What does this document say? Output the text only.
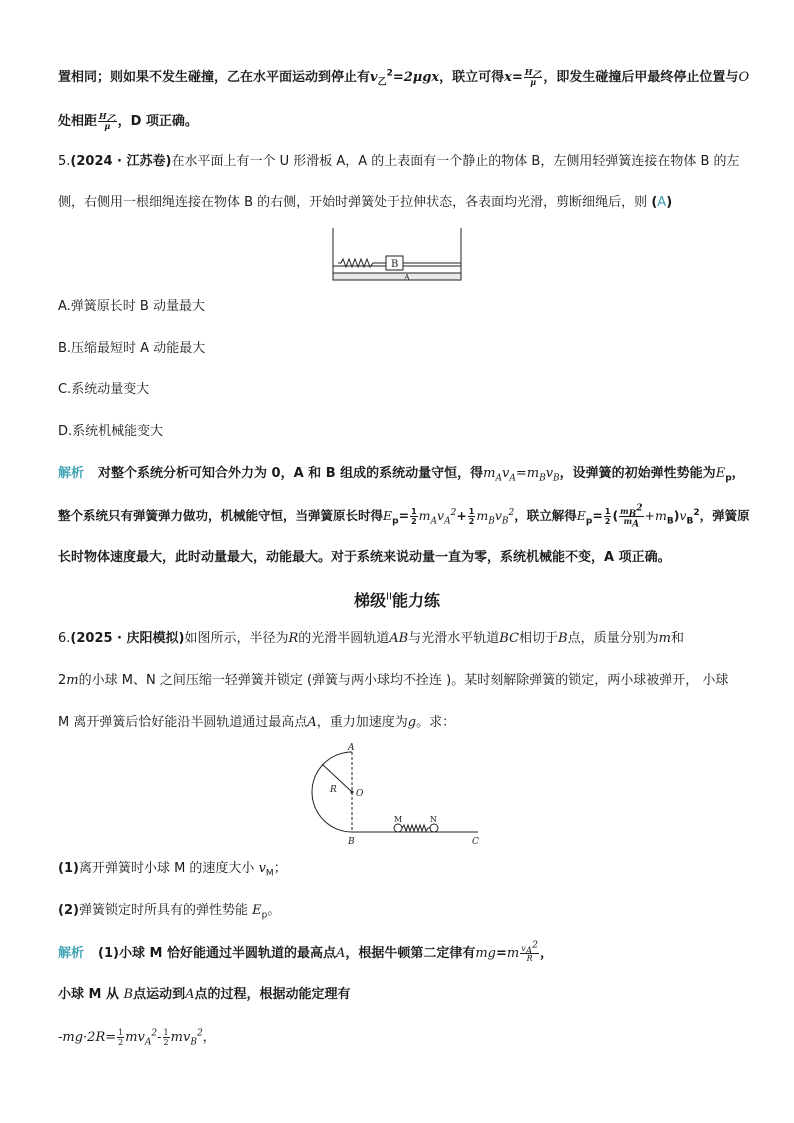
置相同；则如果不发生碰撞，乙在水平面运动到停止有$v_乙^2=2\mu gx$，联立可得$x= \frac{H_乙}{\mu}$ ，即发生碰撞后甲最终停止位置与O
处相距 $\frac{H_乙}{\mu}$ ，D 项正确。
5.(2024 · 江苏卷)在水平面上有一个 U 形滑板 A，A 的上表面有一个静止的物体 B，左侧用轻弹簧连接在物体 B 的左
侧，右侧用一根细绳连接在物体 B 的右侧，开始时弹簧处于拉伸状态，各表面均光滑，剪断细绳后，则 (A)
B
A
A.弹簧原长时 B 动量最大
B.压缩最短时 A 动能最大
C.系统动量变大
D.系统机械能变大
解析 对整个系统分析可知合外力为 0，A 和 B 组成的系统动量守恒，得$m_Av_A=m_Bv_B$，设弹簧的初始弹性势能为$E_p$，
整个系统只有弹簧弹力做功，机械能守恒，当弹簧原长时得$E_p= \frac{1}{2} m_Av_A^2+ \frac{1}{2} m_Bv_B^2$，联立解得$E_p= \frac{1}{2}$ ( $\frac{m_B^2}{m_A} +m_B)v_B^2$，弹簧原
长时物体速度最大，此时动量最大，动能最大。对于系统来说动量一直为零，系统机械能不变，A 项正确。
梯级$^{II}$能力练
6.(2025 · 庆阳模拟)如图所示，半径为R的光滑半圆轨道AB与光滑水平轨道BC相切于B点，质量分别为m和
2m的小球 M、N 之间压缩一轻弹簧并锁定 (弹簧与两小球均不拴连 )。某时刻解除弹簧的锁定，两小球被弹开， 小球
M 离开弹簧后恰好能沿半圆轨道通过最高点A，重力加速度为g。求：
A
O
R
B
M	N
C
(1)离开弹簧时小球 M 的速度大小 $v_M$；
(2)弹簧锁定时所具有的弹性势能 $E_p$。
解析 (1)小球 M 恰好能通过半圆轨道的最高点A，根据牛顿第二定律有$mg=m \frac{v_A^2}{R}$ ，
小球 M 从 B点运动到A点的过程，根据动能定理有
$-mg\cdot 2R= \frac{1}{2} mv_A^2- \frac{1}{2} mv_B^2$，
